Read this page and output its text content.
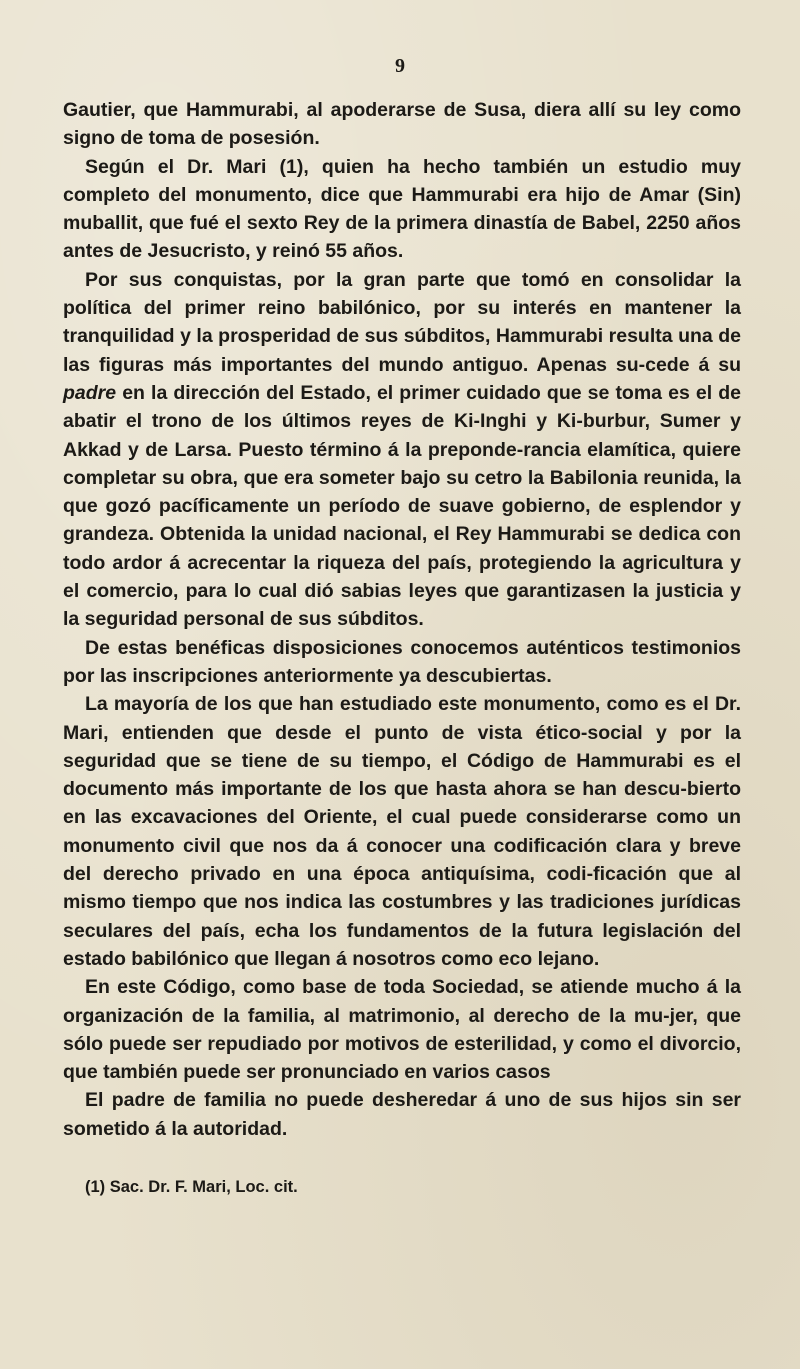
9

Gautier, que Hammurabi, al apoderarse de Susa, diera allí su ley como signo de toma de posesión.

Según el Dr. Mari (1), quien ha hecho también un estudio muy completo del monumento, dice que Hammurabi era hijo de Amar (Sin) muballit, que fué el sexto Rey de la primera dinastía de Babel, 2250 años antes de Jesucristo, y reinó 55 años.

Por sus conquistas, por la gran parte que tomó en consolidar la política del primer reino babilónico, por su interés en mantener la tranquilidad y la prosperidad de sus súbditos, Hammurabi resulta una de las figuras más importantes del mundo antiguo. Apenas su-cede á su padre en la dirección del Estado, el primer cuidado que se toma es el de abatir el trono de los últimos reyes de Ki-Inghi y Ki-burbur, Sumer y Akkad y de Larsa. Puesto término á la preponde-rancia elamítica, quiere completar su obra, que era someter bajo su cetro la Babilonia reunida, la que gozó pacíficamente un período de suave gobierno, de esplendor y grandeza. Obtenida la unidad nacional, el Rey Hammurabi se dedica con todo ardor á acrecentar la riqueza del país, protegiendo la agricultura y el comercio, para lo cual dió sabias leyes que garantizasen la justicia y la seguridad personal de sus súbditos.

De estas benéficas disposiciones conocemos auténticos testimonios por las inscripciones anteriormente ya descubiertas.

La mayoría de los que han estudiado este monumento, como es el Dr. Mari, entienden que desde el punto de vista ético-social y por la seguridad que se tiene de su tiempo, el Código de Hammurabi es el documento más importante de los que hasta ahora se han descu-bierto en las excavaciones del Oriente, el cual puede considerarse como un monumento civil que nos da á conocer una codificación clara y breve del derecho privado en una época antiquísima, codi-ficación que al mismo tiempo que nos indica las costumbres y las tradiciones jurídicas seculares del país, echa los fundamentos de la futura legislación del estado babilónico que llegan á nosotros como eco lejano.

En este Código, como base de toda Sociedad, se atiende mucho á la organización de la familia, al matrimonio, al derecho de la mu-jer, que sólo puede ser repudiado por motivos de esterilidad, y como el divorcio, que también puede ser pronunciado en varios casos

El padre de familia no puede desheredar á uno de sus hijos sin ser sometido á la autoridad.

(1) Sac. Dr. F. Mari, Loc. cit.
